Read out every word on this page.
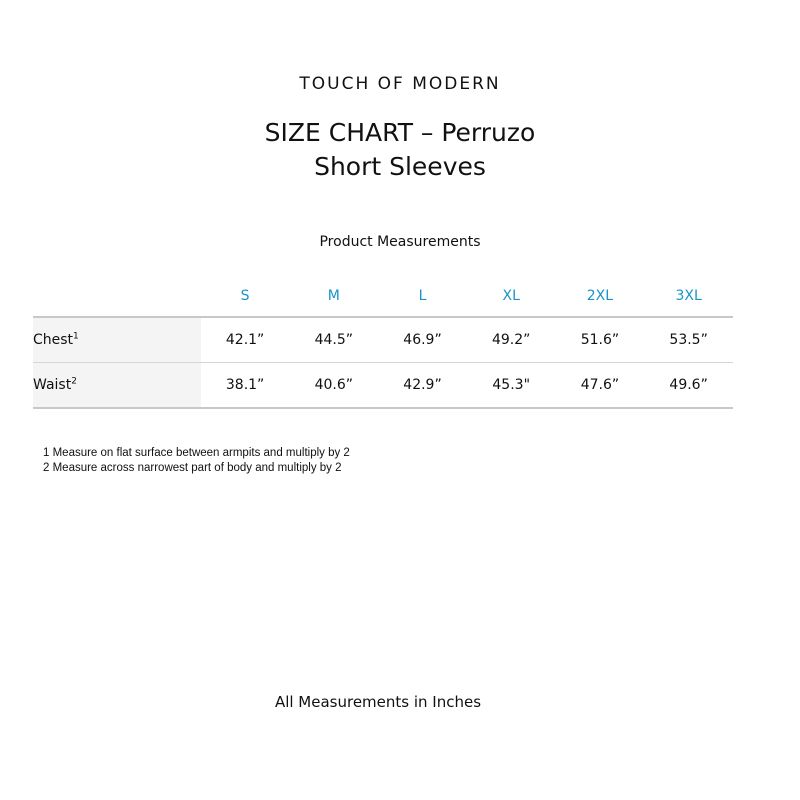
TOUCH OF MODERN
SIZE CHART – Perruzo
Short Sleeves
Product Measurements
	S	M	L	XL	2XL	3XL
Chest$^1$	42.1”	44.5”	46.9”	49.2”	51.6”	53.5”
Waist$^2$	38.1”	40.6”	42.9”	45.3"	47.6”	49.6”
1 Measure on flat surface between armpits and multiply by 2
2 Measure across narrowest part of body and multiply by 2
All Measurements in Inches
